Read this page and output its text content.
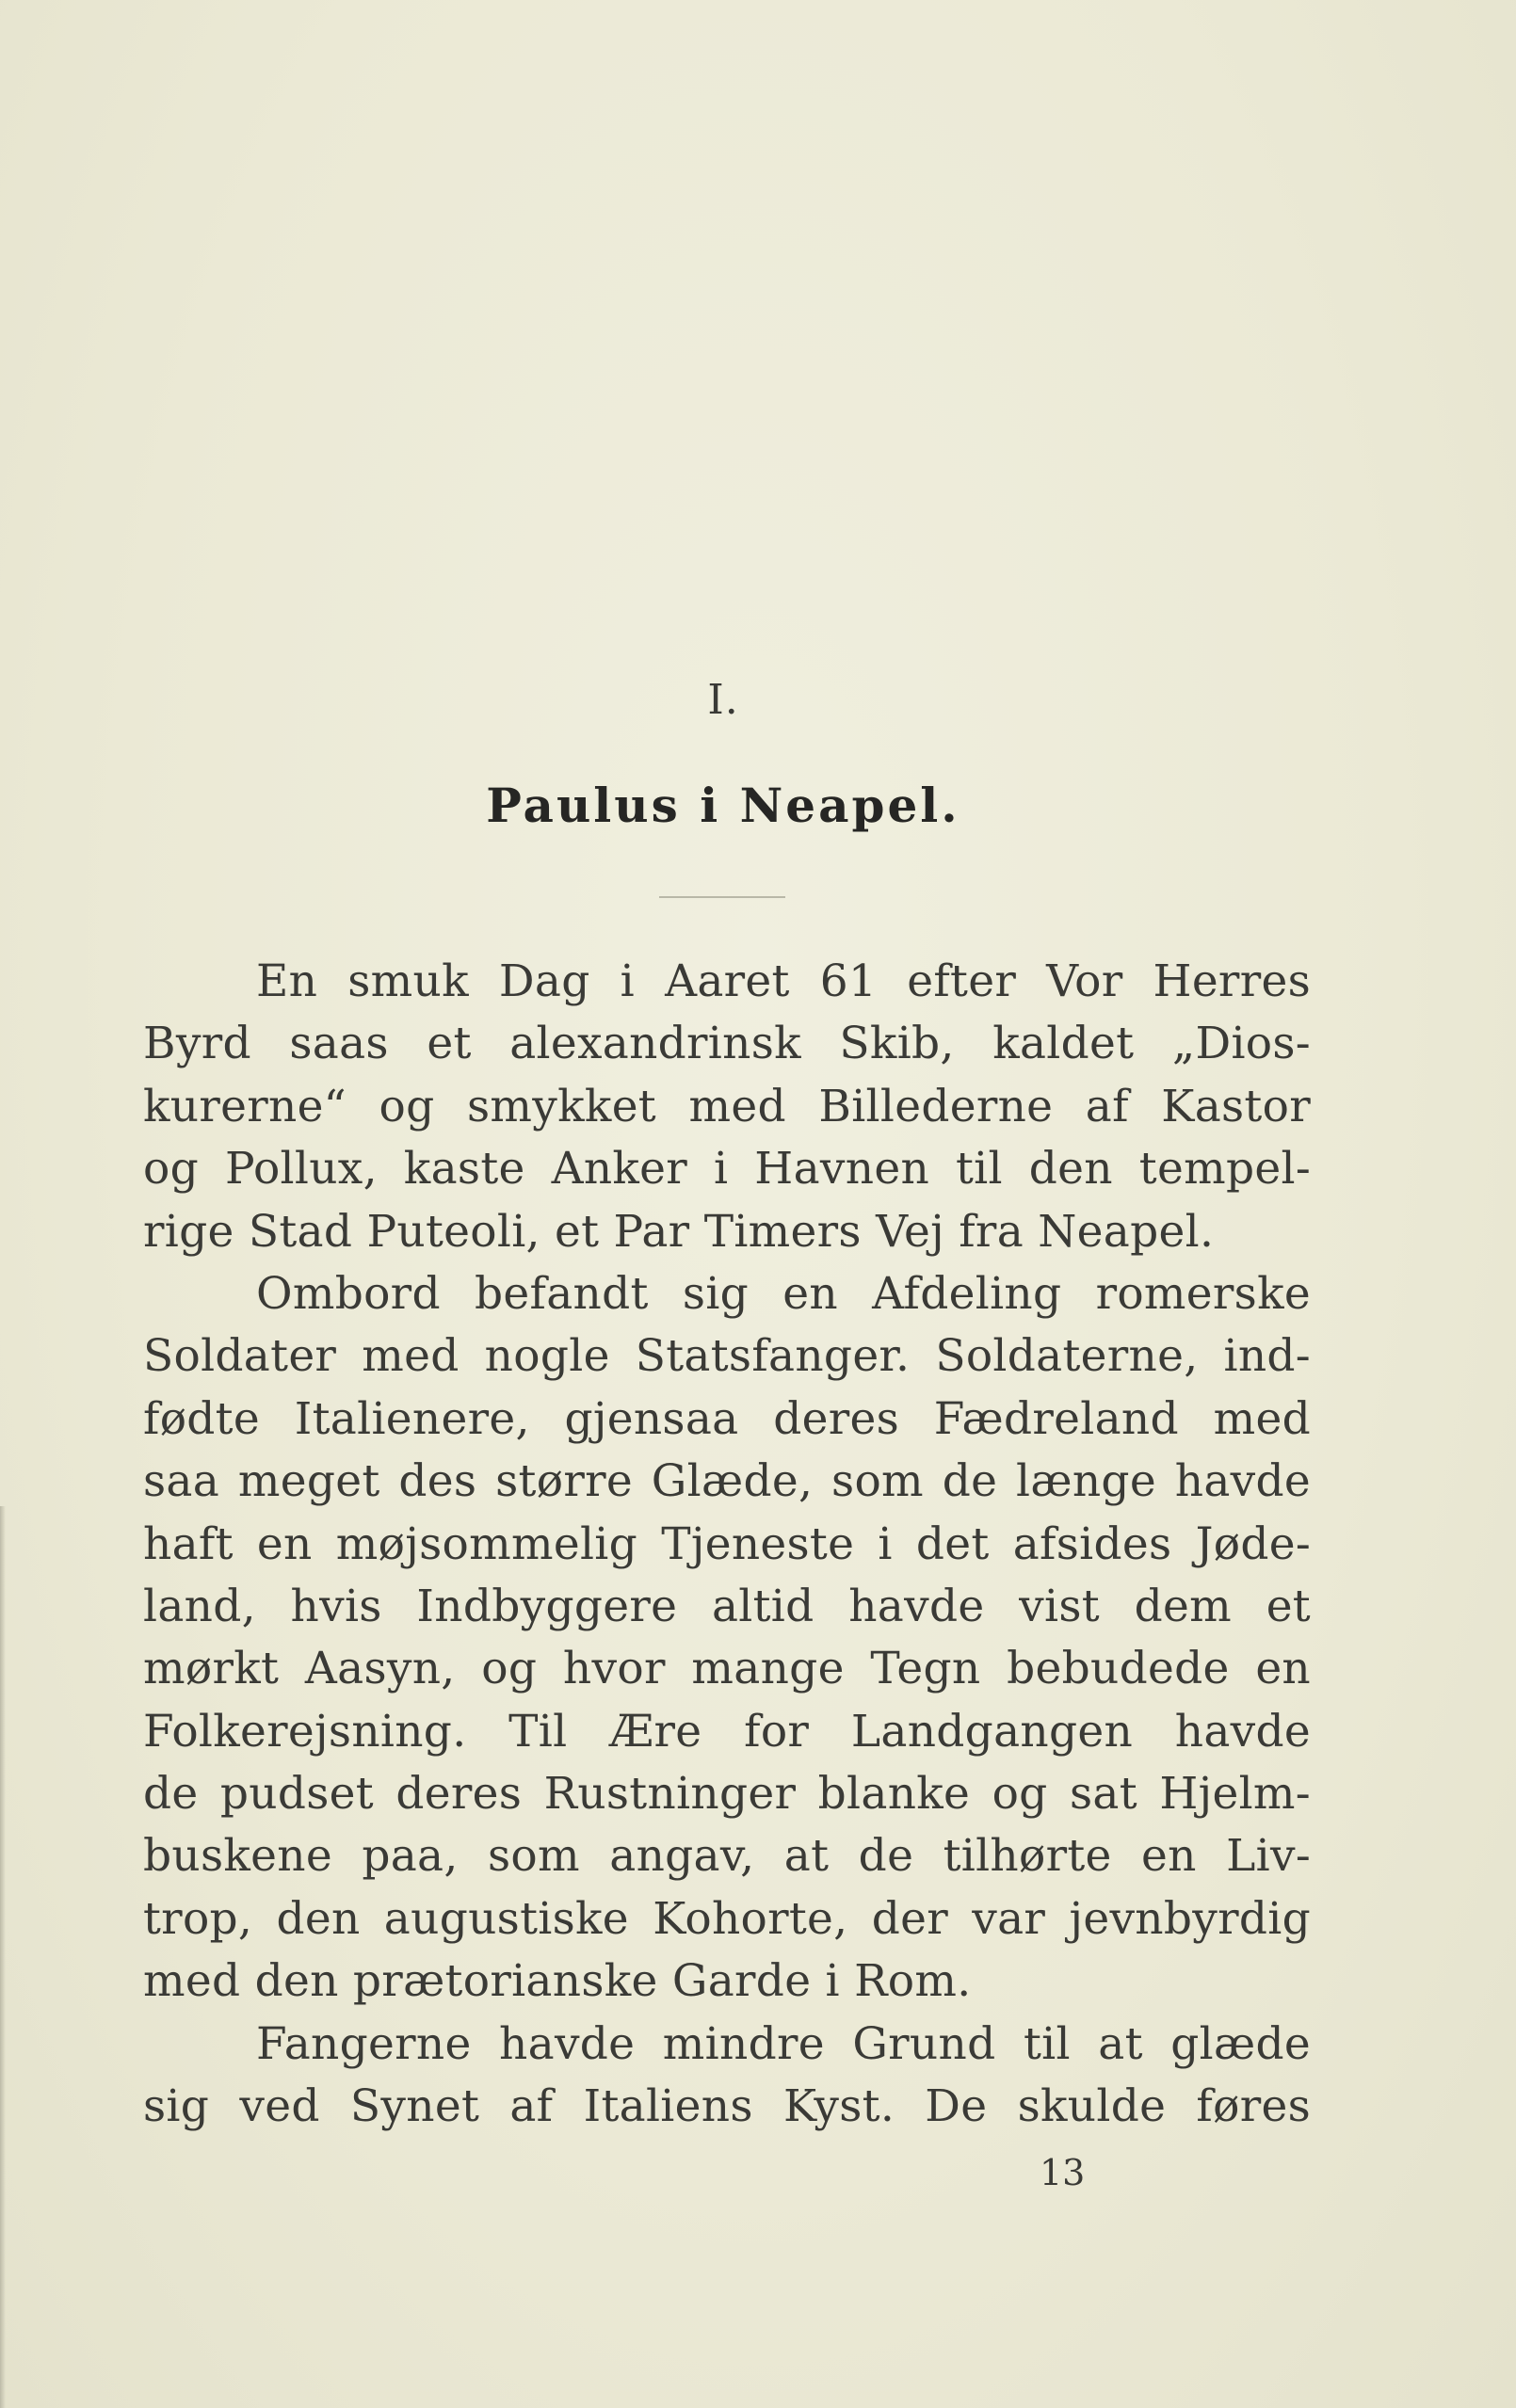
I.
Paulus i Neapel.
En smuk Dag i Aaret 61 efter Vor Herres
Byrd saas et alexandrinsk Skib, kaldet „Dios-
kurerne“ og smykket med Billederne af Kastor
og Pollux, kaste Anker i Havnen til den tempel-
rige Stad Puteoli, et Par Timers Vej fra Neapel.
Ombord befandt sig en Afdeling romerske
Soldater med nogle Statsfanger. Soldaterne, ind-
fødte Italienere, gjensaa deres Fædreland med
saa meget des større Glæde, som de længe havde
haft en møjsommelig Tjeneste i det afsides Jøde-
land, hvis Indbyggere altid havde vist dem et
mørkt Aasyn, og hvor mange Tegn bebudede en
Folkerejsning. Til Ære for Landgangen havde
de pudset deres Rustninger blanke og sat Hjelm-
buskene paa, som angav, at de tilhørte en Liv-
trop, den augustiske Kohorte, der var jevnbyrdig
med den prætorianske Garde i Rom.
Fangerne havde mindre Grund til at glæde
sig ved Synet af Italiens Kyst. De skulde føres
13
